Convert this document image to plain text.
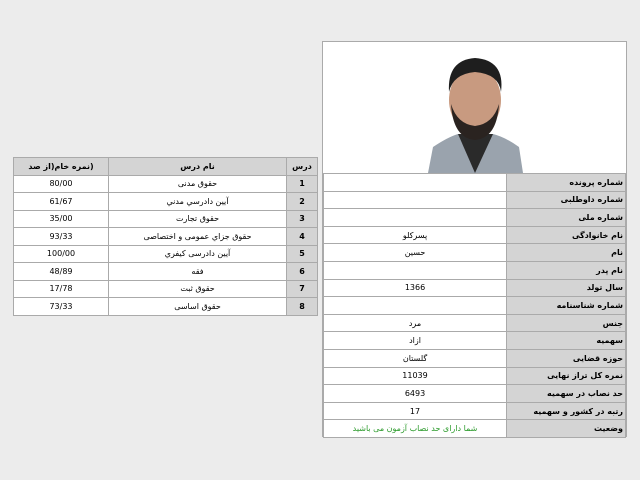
شماره پرونده	
شماره داوطلبی	
شماره ملی	
نام خانوادگی	پسرکلو
نام	حسین
نام پدر	
سال تولد	1366
شماره شناسنامه	
جنس	مرد
سهمیه	ازاد
حوزه قضایی	گلستان
نمره کل تراز نهایی	11039
حد نصاب در سهمیه	6493
رتبه در کشور و سهمیه	17
وضعیت	شما دارای حد نصاب آزمون می باشید
درس	نام درس	(نمره خام(از صد
1	حقوق مدنی	80/00
2	آیین دادرسي مدني	61/67
3	حقوق تجارت	35/00
4	حقوق جزاي عمومی و اختصاصی	93/33
5	آیین دادرسی کیفري	100/00
6	فقه	48/89
7	حقوق ثبت	17/78
8	حقوق اساسی	73/33
